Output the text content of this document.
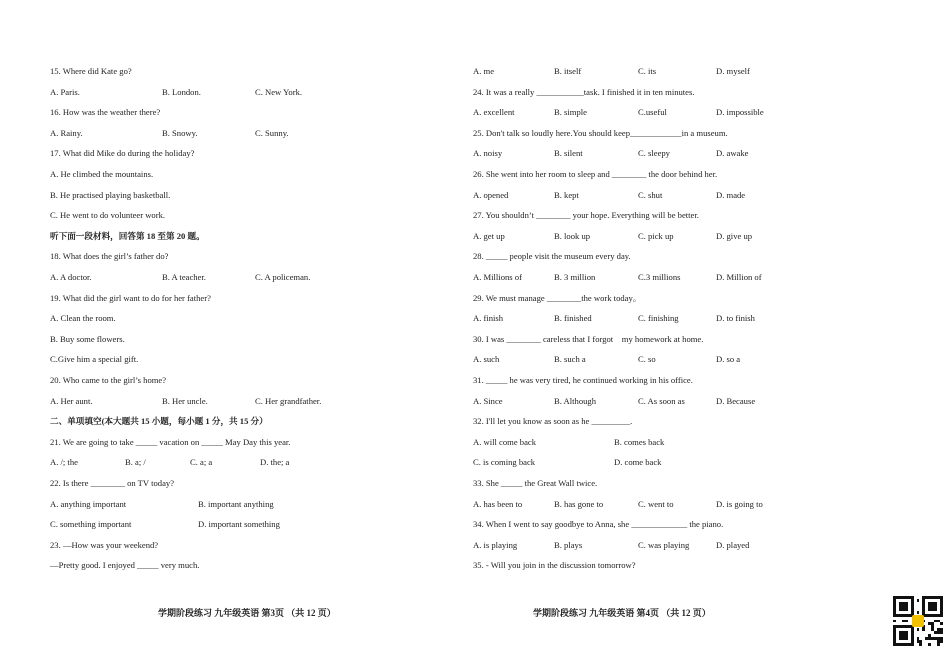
15. Where did Kate go?
A. Paris.	B. London.	C. New York.
16. How was the weather there?
A. Rainy.	B. Snowy.	C. Sunny.
17. What did Mike do during the holiday?
A. He climbed the mountains.
B. He practised playing basketball.
C. He went to do volunteer work.
听下面一段材料，回答第 18 至第 20 题。
18. What does the girl’s father do?
A. A doctor.	B. A teacher.	C. A policeman.
19. What did the girl want to do for her father?
A. Clean the room.
B. Buy some flowers.
C.Give him a special gift.
20. Who came to the girl’s home?
A. Her aunt.	B. Her uncle.	C. Her grandfather.
二、单项填空(本大题共 15 小题，每小题 1 分，共 15 分）
21. We are going to take _____ vacation on _____ May Day this year.
A. /; the	B. a; /	C. a; a	D. the; a
22. Is there ________ on TV today?
A. anything important	B. important anything
C. something important	D. important something
23. —How was your weekend?
—Pretty good. I enjoyed _____ very much.
A. me	B. itself	C. its	D. myself
24. It was a really ___________task. I finished it in ten minutes.
A. excellent	B. simple	C.useful	D. impossible
25. Don't talk so loudly here.You should keep____________in a museum.
A. noisy	B. silent	C. sleepy	D. awake
26. She went into her room to sleep and ________ the door behind her.
A. opened	B. kept	C. shut	D. made
27. You shouldn’t ________ your hope. Everything will be better.
A. get up	B. look up	C. pick up	D. give up
28. _____ people visit the museum every day.
A. Millions of	B. 3 million	C.3 millions	D. Million of
29. We must manage ________the work today。
A. finish	B. finished	C. finishing	D. to finish
30. I was ________ careless that I forgot　my homework at home.
A. such	B. such a	C. so	D. so a
31. _____ he was very tired, he continued working in his office.
A. Since	B. Although	C. As soon as	D. Because
32. I'll let you know as soon as he _________.
A. will come back	B. comes back
C. is coming back	D. come back
33. She _____ the Great Wall twice.
A. has been to	B. has gone to	C. went to	D. is going to
34. When I went to say goodbye to Anna, she _____________ the piano.
A. is playing	B. plays	C. was playing	D. played
35. - Will you join in the discussion tomorrow?
学期阶段练习 九年级英语 第3页 （共 12 页）	学期阶段练习 九年级英语 第4页 （共 12 页）
